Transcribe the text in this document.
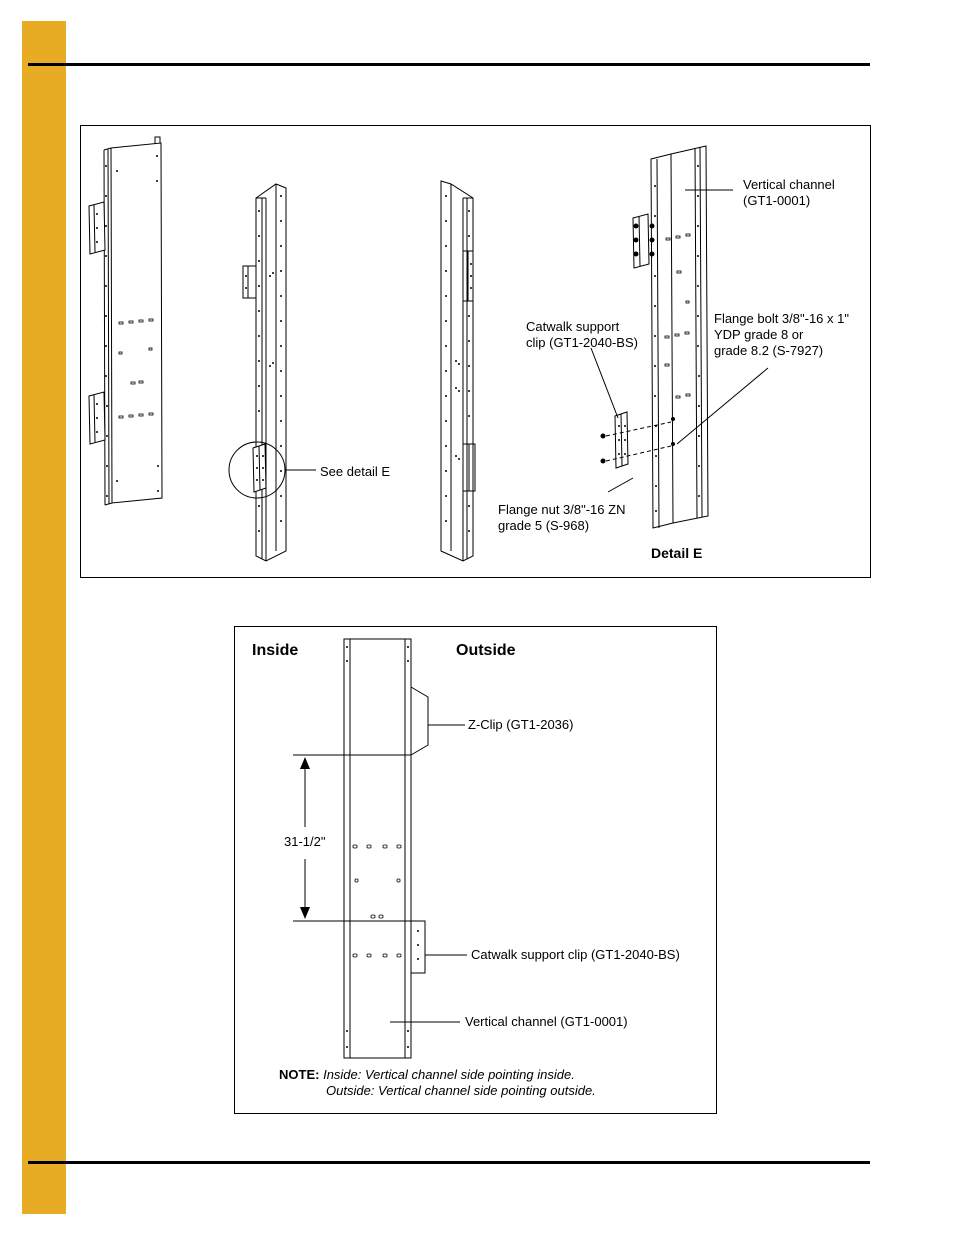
Vertical channel
(GT1-0001)
Catwalk support
clip (GT1-2040-BS)
Flange bolt 3/8"-16 x 1"
YDP grade 8 or
grade 8.2 (S-7927)
See detail E
Flange nut 3/8"-16 ZN
grade 5 (S-968)
Detail E
Inside	Outside
Z-Clip (GT1-2036)
31-1/2"
Catwalk support clip (GT1-2040-BS)
Vertical channel (GT1-0001)
NOTE: Inside: Vertical channel side pointing inside.
Outside: Vertical channel side pointing outside.
